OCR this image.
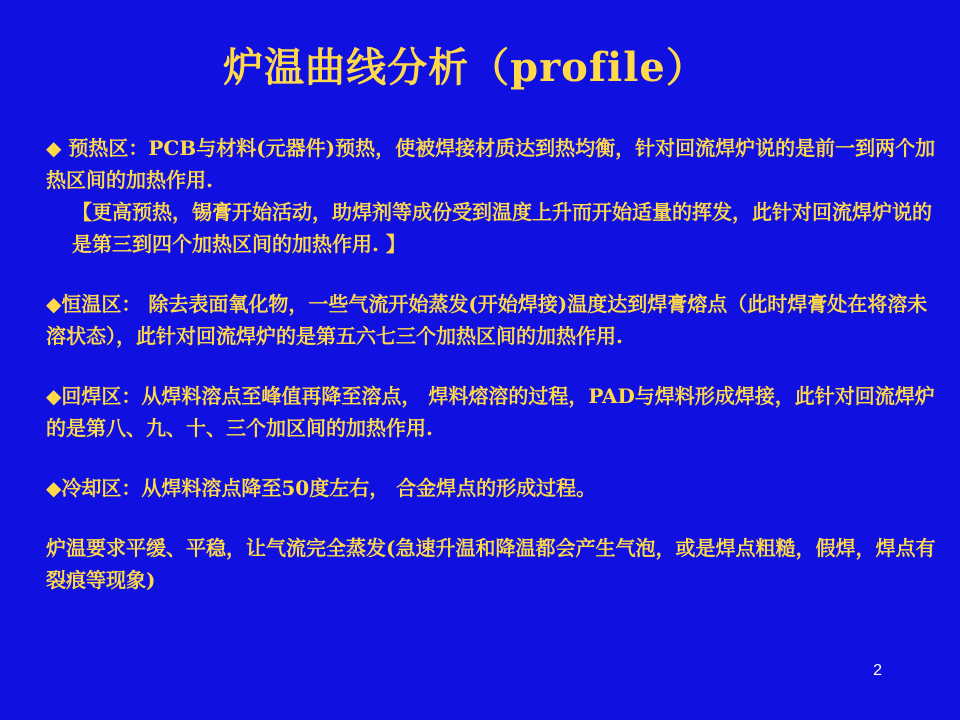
炉温曲线分析（profile）

◆ 预热区：PCB与材料(元器件)预热，使被焊接材质达到热均衡，针对回流焊炉说的是前一到两个加热区间的加热作用.

【更高预热，锡膏开始活动，助焊剂等成份受到温度上升而开始适量的挥发，此针对回流焊炉说的是第三到四个加热区间的加热作用. 】

◆恒温区： 除去表面氧化物，一些气流开始蒸发(开始焊接)温度达到焊膏熔点（此时焊膏处在将溶未溶状态），此针对回流焊炉的是第五六七三个加热区间的加热作用.

◆回焊区：从焊料溶点至峰值再降至溶点， 焊料熔溶的过程，PAD与焊料形成焊接，此针对回流焊炉的是第八、九、十、三个加区间的加热作用.

◆冷却区：从焊料溶点降至50度左右， 合金焊点的形成过程。

炉温要求平缓、平稳，让气流完全蒸发(急速升温和降温都会产生气泡，或是焊点粗糙，假焊，焊点有裂痕等现象)

2
